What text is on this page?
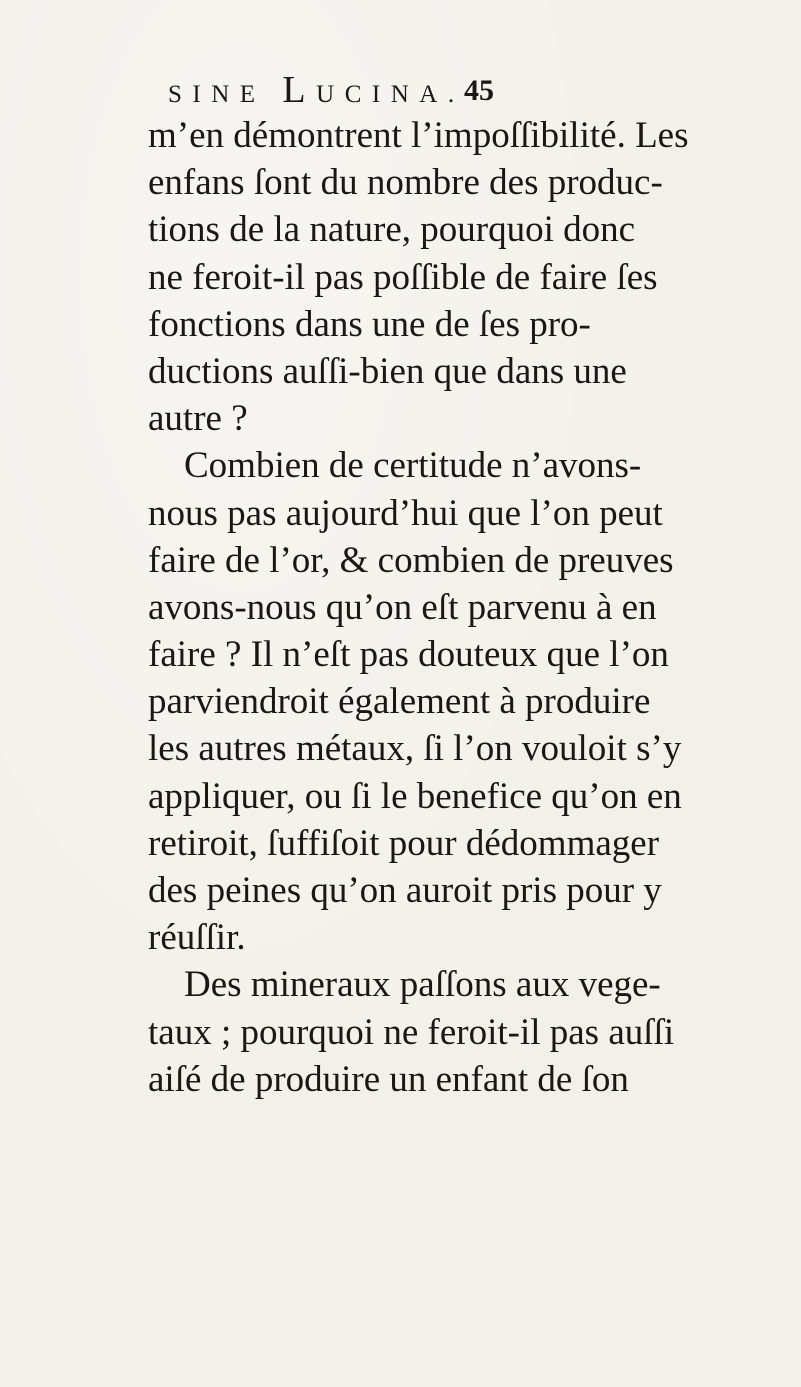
SINE LUCINA. 45
m’en démontrent l’impoſſibilité. Les
enfans ſont du nombre des produc-
tions de la nature, pourquoi donc
ne feroit-il pas poſſible de faire ſes
fonctions dans une de ſes pro-
ductions auſſi-bien que dans une
autre ?
Combien de certitude n’avons-
nous pas aujourd’hui que l’on peut
faire de l’or, & combien de preuves
avons-nous qu’on eſt parvenu à en
faire ? Il n’eſt pas douteux que l’on
parviendroit également à produire
les autres métaux, ſi l’on vouloit s’y
appliquer, ou ſi le benefice qu’on en
retiroit, ſuffiſoit pour dédommager
des peines qu’on auroit pris pour y
réuſſir.
Des mineraux paſſons aux vege-
taux ; pourquoi ne feroit-il pas auſſi
aiſé de produire un enfant de ſon
